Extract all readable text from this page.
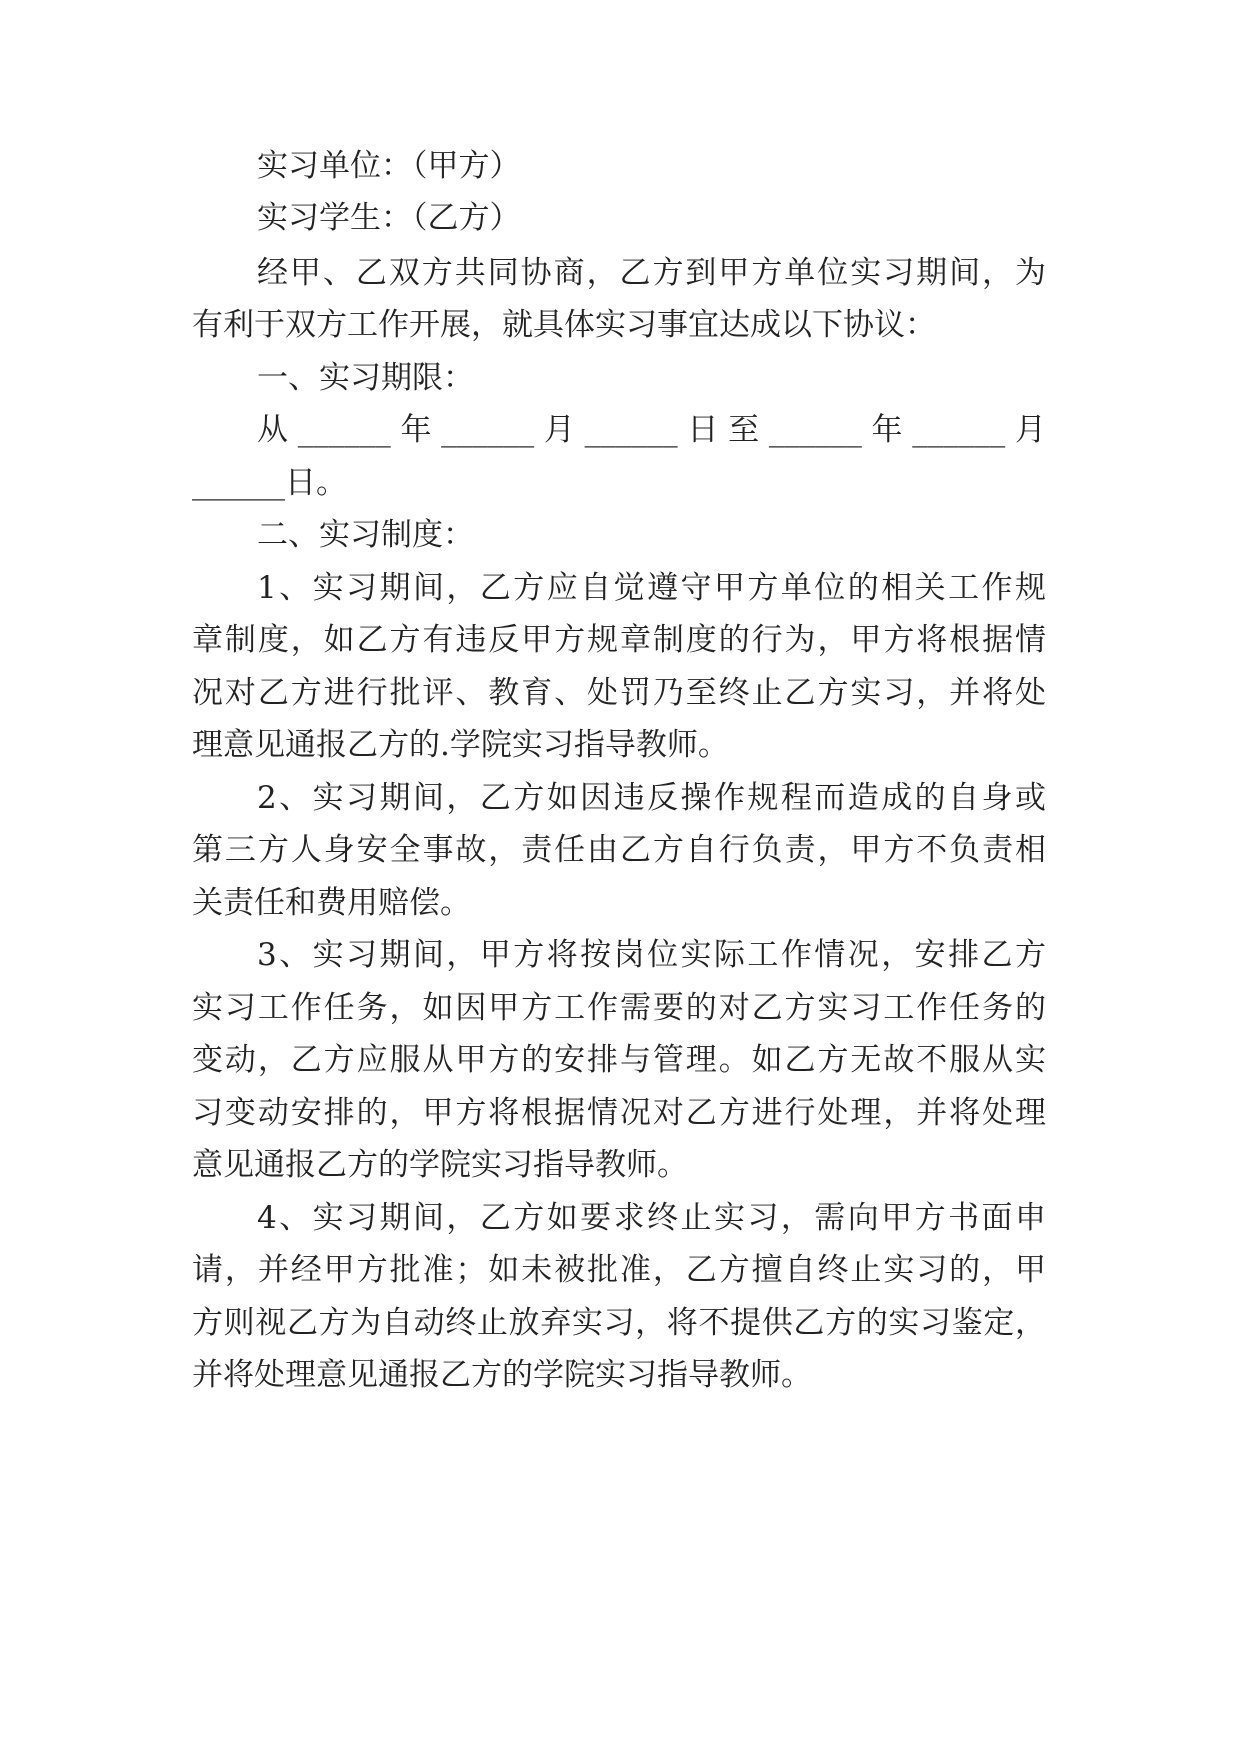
实习单位：（甲方）
实习学生：（乙方）
经甲、乙双方共同协商，乙方到甲方单位实习期间，为
有利于双方工作开展，就具体实习事宜达成以下协议：
一、实习期限：
从______年______月______日至______年______月
______日。
二、实习制度：
1、实习期间，乙方应自觉遵守甲方单位的相关工作规
章制度，如乙方有违反甲方规章制度的行为，甲方将根据情
况对乙方进行批评、教育、处罚乃至终止乙方实习，并将处
理意见通报乙方的.学院实习指导教师。
2、实习期间，乙方如因违反操作规程而造成的自身或
第三方人身安全事故，责任由乙方自行负责，甲方不负责相
关责任和费用赔偿。
3、实习期间，甲方将按岗位实际工作情况，安排乙方
实习工作任务，如因甲方工作需要的对乙方实习工作任务的
变动，乙方应服从甲方的安排与管理。如乙方无故不服从实
习变动安排的，甲方将根据情况对乙方进行处理，并将处理
意见通报乙方的学院实习指导教师。
4、实习期间，乙方如要求终止实习，需向甲方书面申
请，并经甲方批准；如未被批准，乙方擅自终止实习的，甲
方则视乙方为自动终止放弃实习，将不提供乙方的实习鉴定，
并将处理意见通报乙方的学院实习指导教师。
